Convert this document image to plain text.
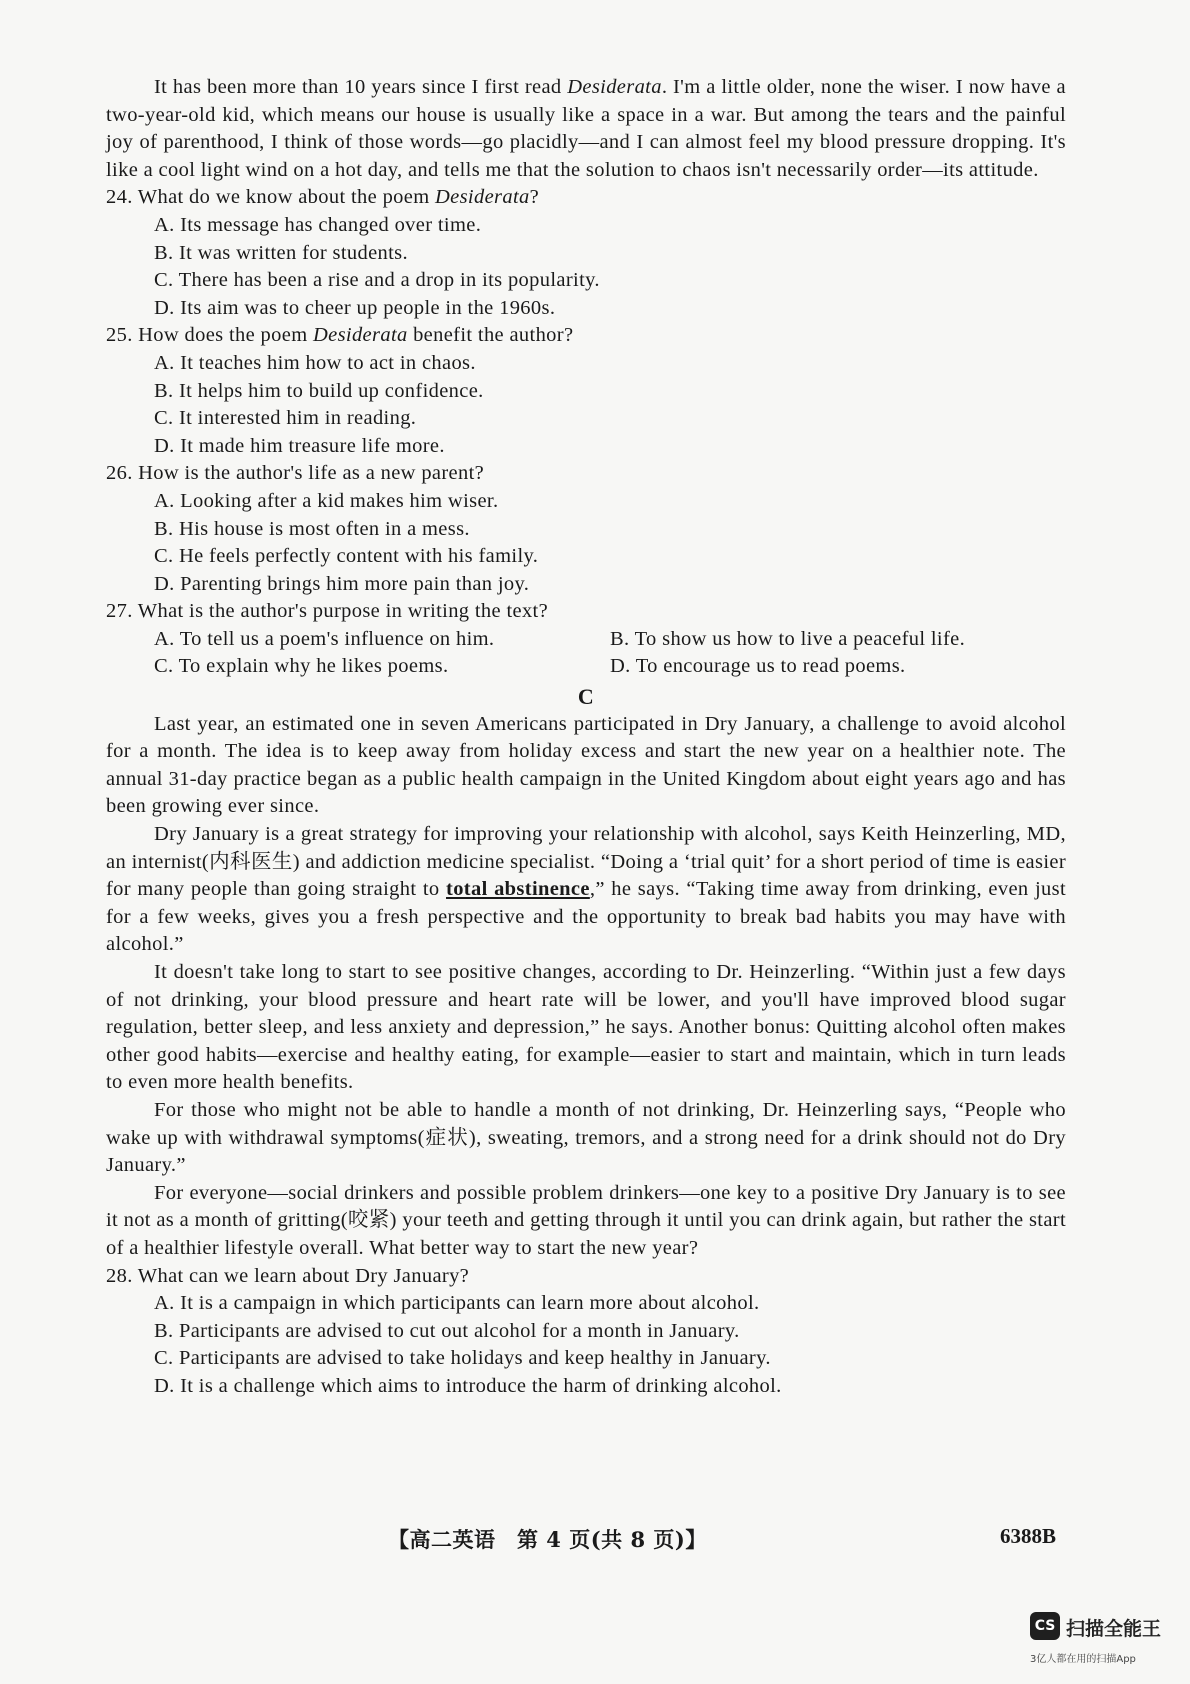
It has been more than 10 years since I first read Desiderata. I'm a little older, none the wiser. I now have a two-year-old kid, which means our house is usually like a space in a war. But among the tears and the painful joy of parenthood, I think of those words—go placidly—and I can almost feel my blood pressure dropping. It's like a cool light wind on a hot day, and tells me that the solution to chaos isn't necessarily order—its attitude.

24. What do we know about the poem Desiderata?

A. Its message has changed over time.

B. It was written for students.

C. There has been a rise and a drop in its popularity.

D. Its aim was to cheer up people in the 1960s.

25. How does the poem Desiderata benefit the author?

A. It teaches him how to act in chaos.

B. It helps him to build up confidence.

C. It interested him in reading.

D. It made him treasure life more.

26. How is the author's life as a new parent?

A. Looking after a kid makes him wiser.

B. His house is most often in a mess.

C. He feels perfectly content with his family.

D. Parenting brings him more pain than joy.

27. What is the author's purpose in writing the text?

A. To tell us a poem's influence on him.	B. To show us how to live a peaceful life.
C. To explain why he likes poems.	D. To encourage us to read poems.

C

Last year, an estimated one in seven Americans participated in Dry January, a challenge to avoid alcohol for a month. The idea is to keep away from holiday excess and start the new year on a healthier note. The annual 31-day practice began as a public health campaign in the United Kingdom about eight years ago and has been growing ever since.

Dry January is a great strategy for improving your relationship with alcohol, says Keith Heinzerling, MD, an internist(内科医生) and addiction medicine specialist. “Doing a ‘trial quit’ for a short period of time is easier for many people than going straight to total abstinence,” he says. “Taking time away from drinking, even just for a few weeks, gives you a fresh perspective and the opportunity to break bad habits you may have with alcohol.”

It doesn't take long to start to see positive changes, according to Dr. Heinzerling. “Within just a few days of not drinking, your blood pressure and heart rate will be lower, and you'll have improved blood sugar regulation, better sleep, and less anxiety and depression,” he says. Another bonus: Quitting alcohol often makes other good habits—exercise and healthy eating, for example—easier to start and maintain, which in turn leads to even more health benefits.

For those who might not be able to handle a month of not drinking, Dr. Heinzerling says, “People who wake up with withdrawal symptoms(症状), sweating, tremors, and a strong need for a drink should not do Dry January.”

For everyone—social drinkers and possible problem drinkers—one key to a positive Dry January is to see it not as a month of gritting(咬紧) your teeth and getting through it until you can drink again, but rather the start of a healthier lifestyle overall. What better way to start the new year?

28. What can we learn about Dry January?

A. It is a campaign in which participants can learn more about alcohol.

B. Participants are advised to cut out alcohol for a month in January.

C. Participants are advised to take holidays and keep healthy in January.

D. It is a challenge which aims to introduce the harm of drinking alcohol.

【高二英语　第 4 页(共 8 页)】	6388B
CS 扫描全能王
3亿人都在用的扫描App
